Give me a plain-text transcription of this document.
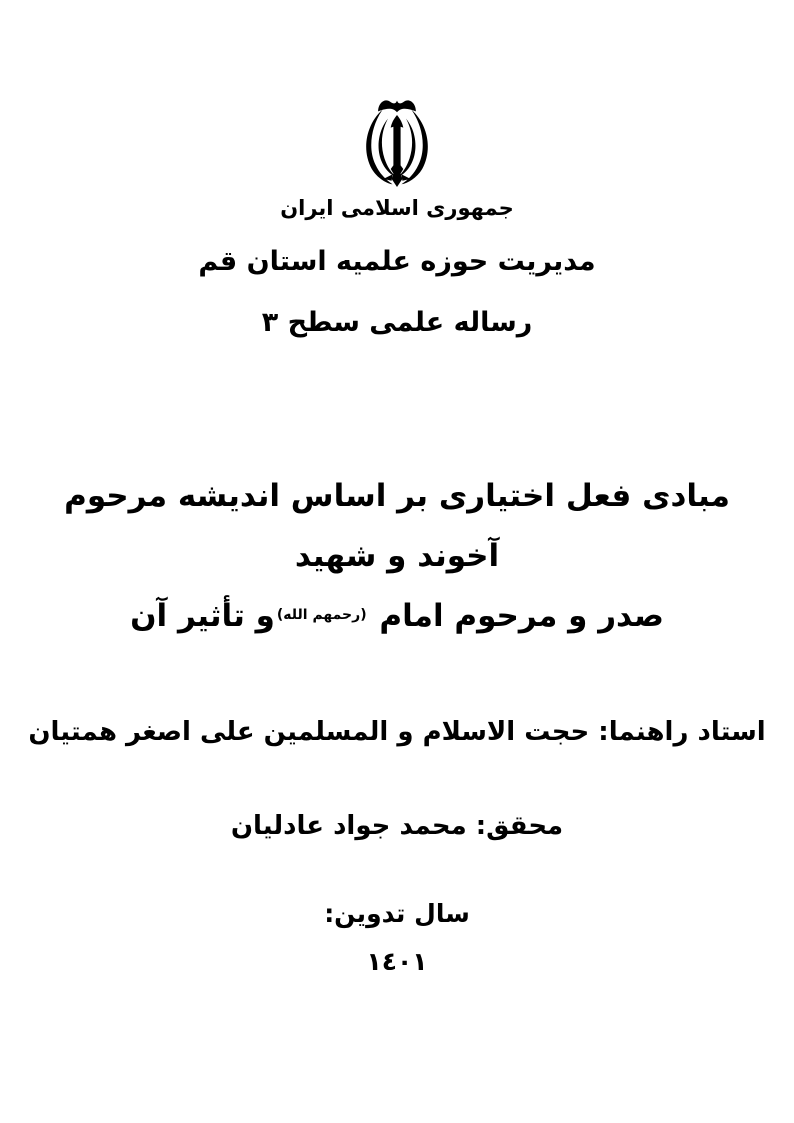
جمهوری اسلامی ایران
مدیریت حوزه علمیه استان قم
رساله علمی سطح ۳
مبادی فعل اختیاری بر اساس اندیشه مرحوم آخوند و شهید
صدر و مرحوم امام $^{(رحمهم الله)}$و تأثیر آن
استاد راهنما: حجت الاسلام و المسلمین علی اصغر همتیان
محقق: محمد جواد عادلیان
سال تدوین:
١٤٠١
